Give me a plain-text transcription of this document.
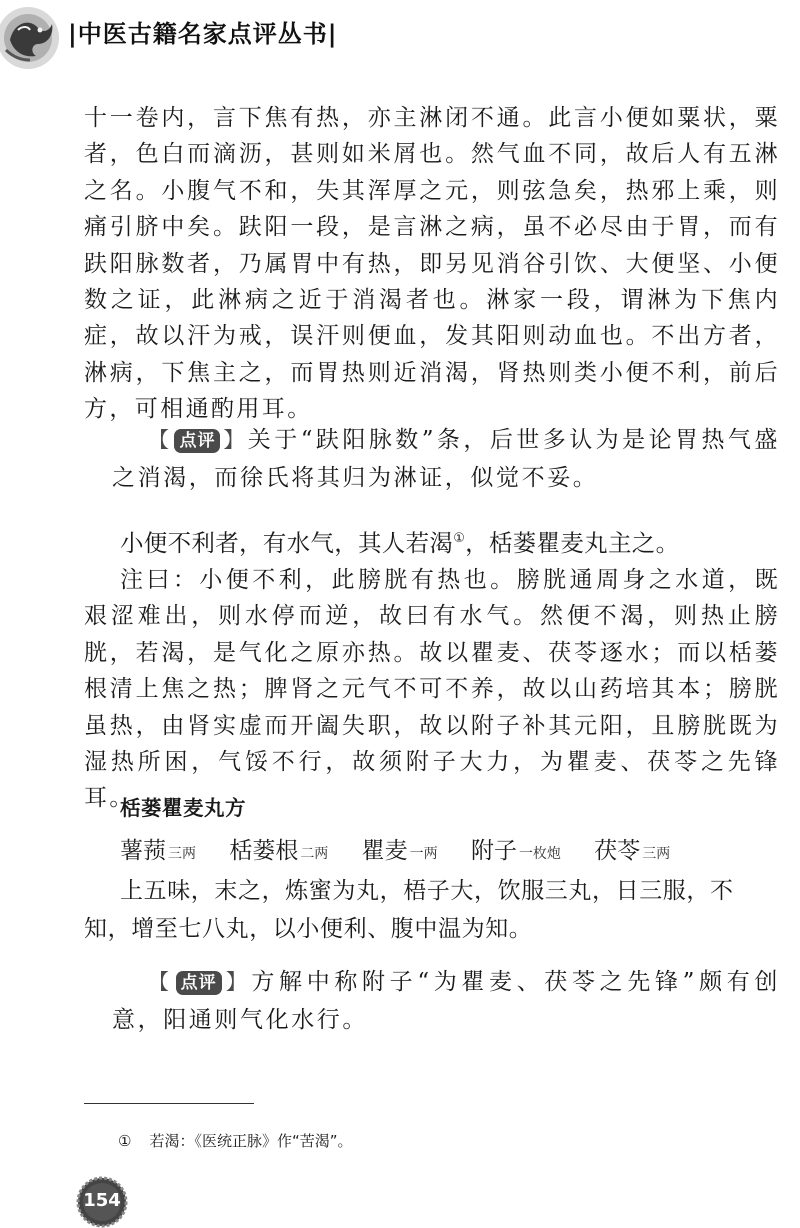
|中医古籍名家点评丛书|

十一卷内，言下焦有热，亦主淋闭不通。此言小便如粟状，粟者，色白而滴沥，甚则如米屑也。然气血不同，故后人有五淋之名。小腹气不和，失其浑厚之元，则弦急矣，热邪上乘，则痛引脐中矣。趺阳一段，是言淋之病，虽不必尽由于胃，而有趺阳脉数者，乃属胃中有热，即另见消谷引饮、大便坚、小便数之证，此淋病之近于消渴者也。淋家一段，谓淋为下焦内症，故以汗为戒，误汗则便血，发其阳则动血也。不出方者，淋病，下焦主之，而胃热则近消渴，肾热则类小便不利，前后方，可相通酌用耳。

【 点评 】关于“趺阳脉数”条，后世多认为是论胃热气盛之消渴，而徐氏将其归为淋证，似觉不妥。

小便不利者，有水气，其人若渴①，栝蒌瞿麦丸主之。

注曰：小便不利，此膀胱有热也。膀胱通周身之水道，既艰涩难出，则水停而逆，故曰有水气。然便不渴，则热止膀胱，若渴，是气化之原亦热。故以瞿麦、茯苓逐水；而以栝蒌根清上焦之热；脾肾之元气不可不养，故以山药培其本；膀胱虽热，由肾实虚而开阖失职，故以附子补其元阳，且膀胱既为湿热所困，气馁不行，故须附子大力，为瞿麦、茯苓之先锋耳。

栝蒌瞿麦丸方

薯蓣 三两 栝蒌根 二两 瞿麦 一两 附子 一枚炮 茯苓 三两

上五味，末之，炼蜜为丸，梧子大，饮服三丸，日三服，不知，增至七八丸，以小便利、腹中温为知。

【 点评 】方解中称附子“为瞿麦、茯苓之先锋”颇有创意，阳通则气化水行。

① 若渴：《医统正脉》作“苦渴”。
154
